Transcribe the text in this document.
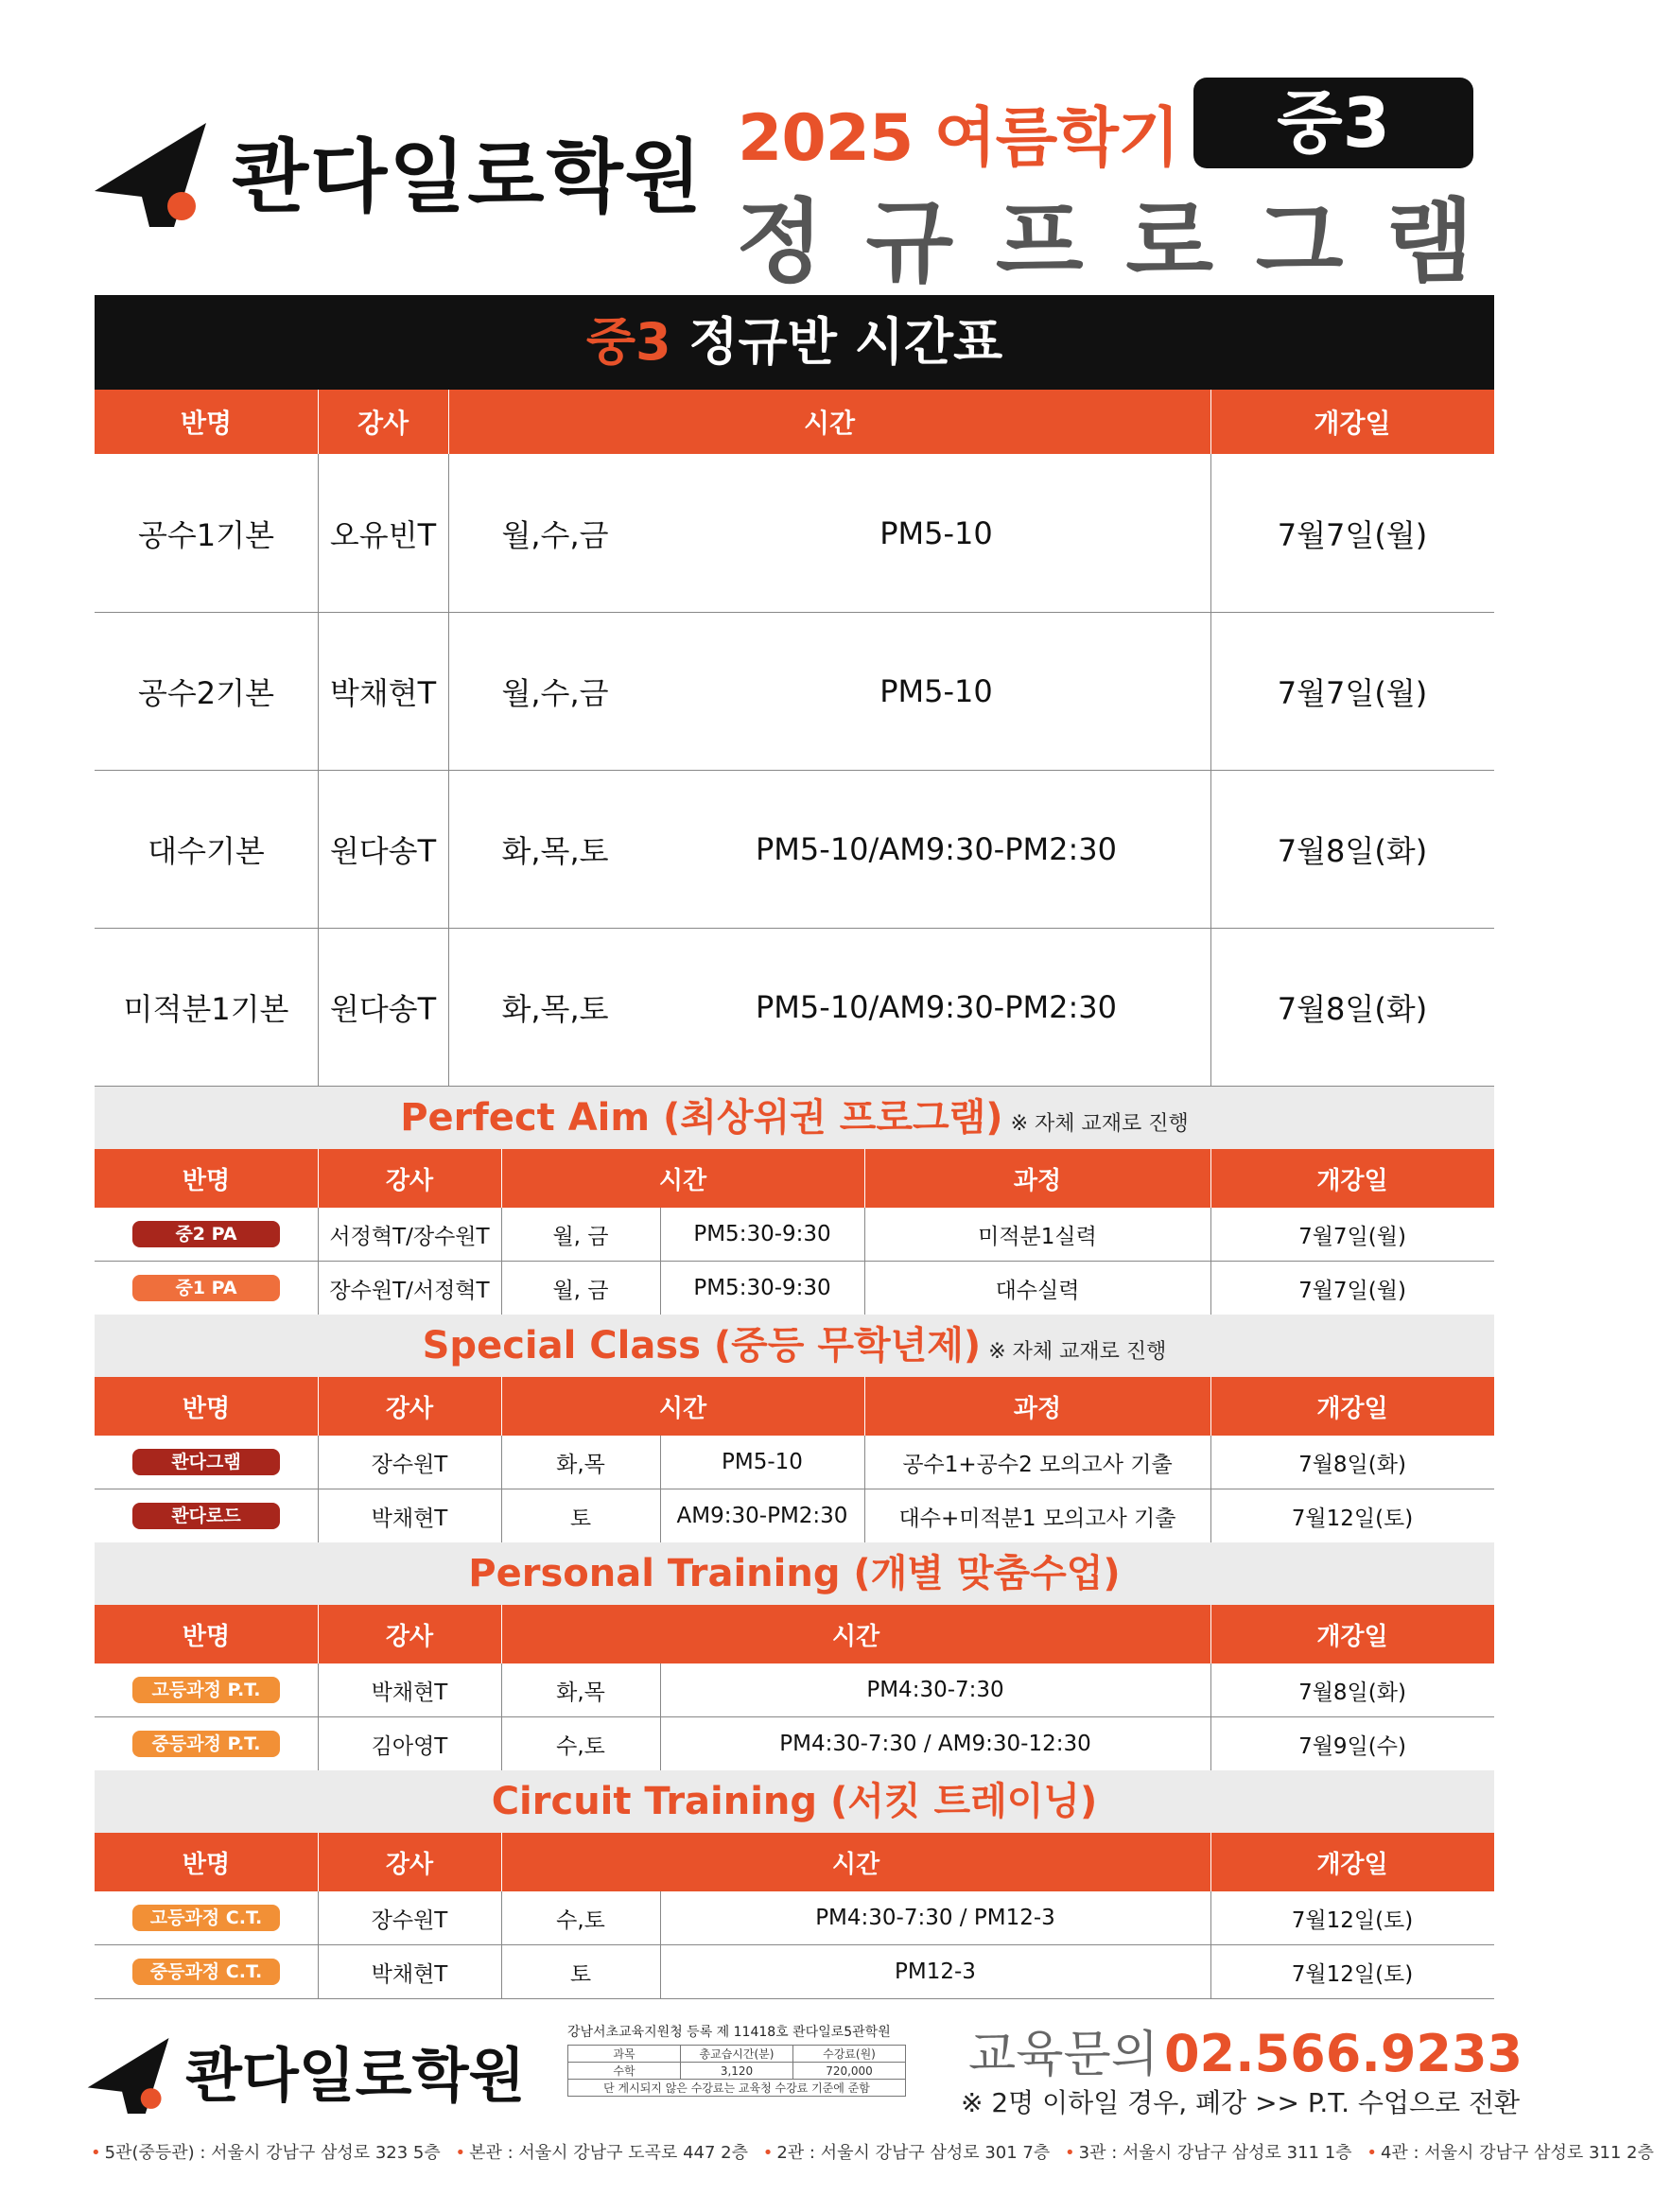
콴다일로학원 2025 여름학기	중3
정 규 프 로 그 램
중3 정규반 시간표
반명	강사	시간	개강일
공수1기본	오유빈T	월,수,금	PM5-10	7월7일(월)
공수2기본	박채현T	월,수,금	PM5-10	7월7일(월)
대수기본	원다송T	화,목,토	PM5-10/AM9:30-PM2:30	7월8일(화)
미적분1기본	원다송T	화,목,토	PM5-10/AM9:30-PM2:30	7월8일(화)
Perfect Aim (최상위권 프로그램) ※ 자체 교재로 진행
반명	강사	시간	과정	개강일
중2 PA	서정혁T/장수원T	월, 금	PM5:30-9:30	미적분1실력	7월7일(월)
중1 PA	장수원T/서정혁T	월, 금	PM5:30-9:30	대수실력	7월7일(월)
Special Class (중등 무학년제) ※ 자체 교재로 진행
반명	강사	시간	과정	개강일
콴다그램	장수원T	화,목	PM5-10	공수1+공수2 모의고사 기출	7월8일(화)
콴다로드	박채현T	토	AM9:30-PM2:30	대수+미적분1 모의고사 기출	7월12일(토)
Personal Training (개별 맞춤수업)
반명	강사	시간	개강일
고등과정 P.T.	박채현T	화,목	PM4:30-7:30	7월8일(화)
중등과정 P.T.	김아영T	수,토	PM4:30-7:30 / AM9:30-12:30	7월9일(수)
Circuit Training (서킷 트레이닝)
반명	강사	시간	개강일
고등과정 C.T.	장수원T	수,토	PM4:30-7:30 / PM12-3	7월12일(토)
중등과정 C.T.	박채현T	토	PM12-3	7월12일(토)
콴다일로학원
강남서초교육지원청 등록 제 11418호 콴다일로5관학원
과목	총교습시간(분)	수강료(원)
수학	3,120	720,000
단 게시되지 않은 수강료는 교육청 수강료 기준에 준함		
교육문의 02.566.9233
※ 2명 이하일 경우, 폐강 >> P.T. 수업으로 전환
• 5관(중등관) : 서울시 강남구 삼성로 323 5층 • 본관 : 서울시 강남구 도곡로 447 2층 • 2관 : 서울시 강남구 삼성로 301 7층 • 3관 : 서울시 강남구 삼성로 311 1층 • 4관 : 서울시 강남구 삼성로 311 2층
